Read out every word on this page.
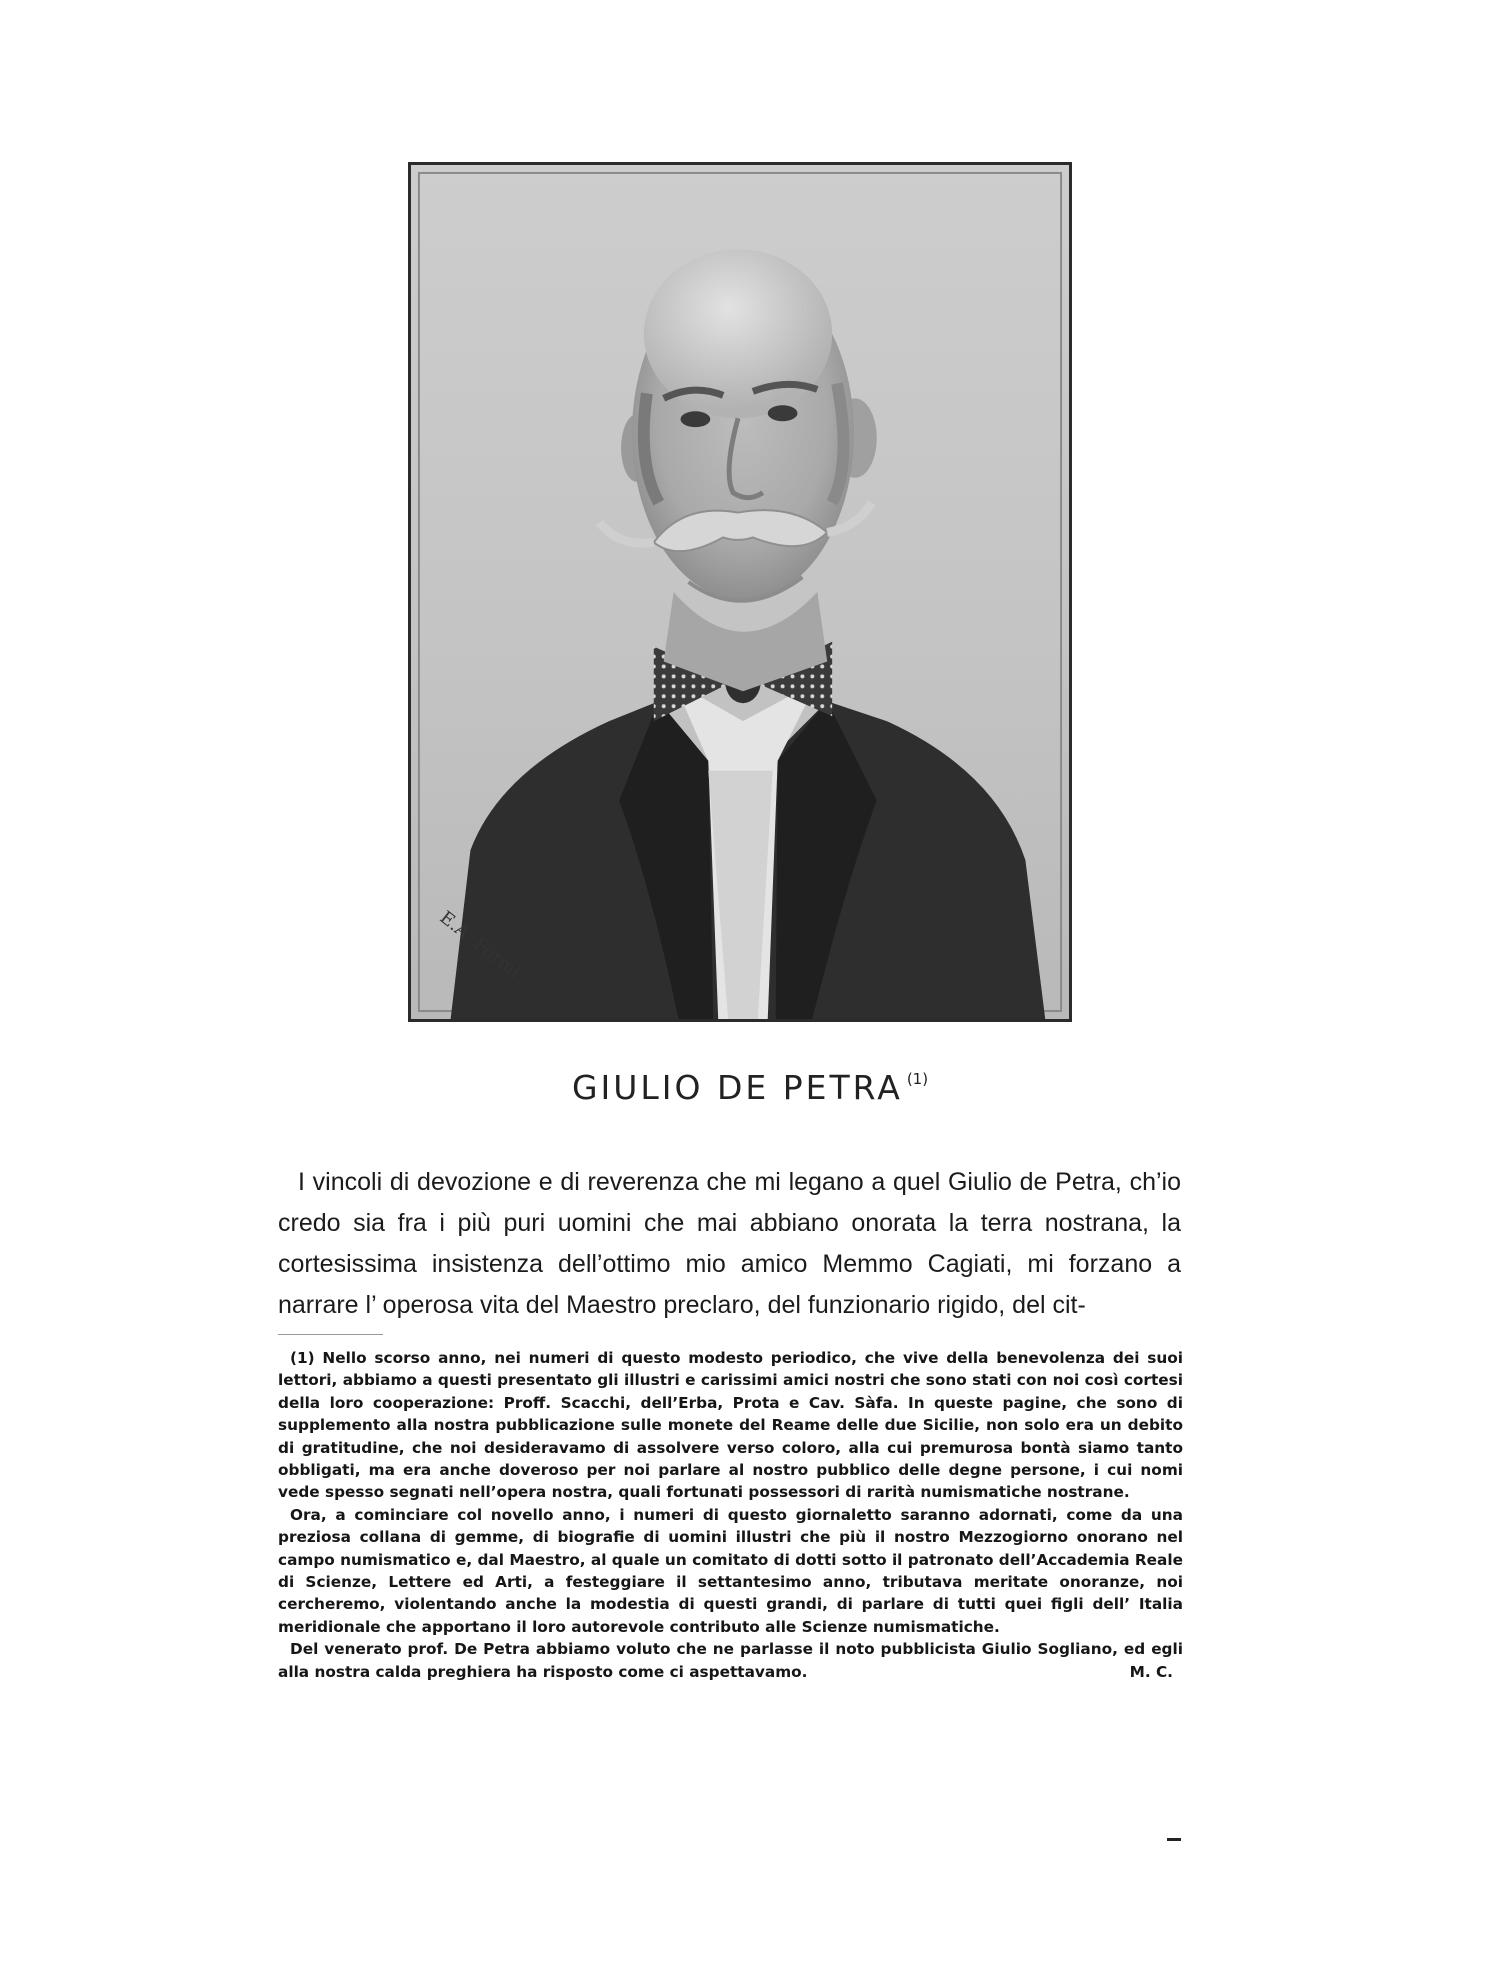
E.A. Formi
GIULIO DE PETRA $^{(1)}$

I vincoli di devozione e di reverenza che mi legano a quel Giulio de Petra, ch’io credo sia fra i più puri uomini che mai abbiano onorata la terra nostrana, la cortesissima insistenza dell’ottimo mio amico Memmo Cagiati, mi forzano a narrare l’ operosa vita del Maestro preclaro, del funzionario rigido, del cit-

(1) Nello scorso anno, nei numeri di questo modesto periodico, che vive della benevolenza dei suoi lettori, abbiamo a questi presentato gli illustri e carissimi amici nostri che sono stati con noi così cortesi della loro cooperazione: Proff. Scacchi, dell’Erba, Prota e Cav. Sàfa. In queste pagine, che sono di supplemento alla nostra pubblicazione sulle monete del Reame delle due Sicilie, non solo era un debito di gratitudine, che noi desideravamo di assolvere verso coloro, alla cui premurosa bontà siamo tanto obbligati, ma era anche doveroso per noi parlare al nostro pubblico delle degne persone, i cui nomi vede spesso segnati nell’opera nostra, quali fortunati possessori di rarità numismatiche nostrane.

Ora, a cominciare col novello anno, i numeri di questo giornaletto saranno adornati, come da una preziosa collana di gemme, di biografie di uomini illustri che più il nostro Mezzogiorno onorano nel campo numismatico e, dal Maestro, al quale un comitato di dotti sotto il patronato dell’Accademia Reale di Scienze, Lettere ed Arti, a festeggiare il settantesimo anno, tributava meritate onoranze, noi cercheremo, violentando anche la modestia di questi grandi, di parlare di tutti quei figli dell’ Italia meridionale che apportano il loro autorevole contributo alle Scienze numismatiche.

Del venerato prof. De Petra abbiamo voluto che ne parlasse il noto pubblicista Giulio Sogliano, ed egli alla nostra calda preghiera ha risposto come ci aspettavamo.	M. C.
